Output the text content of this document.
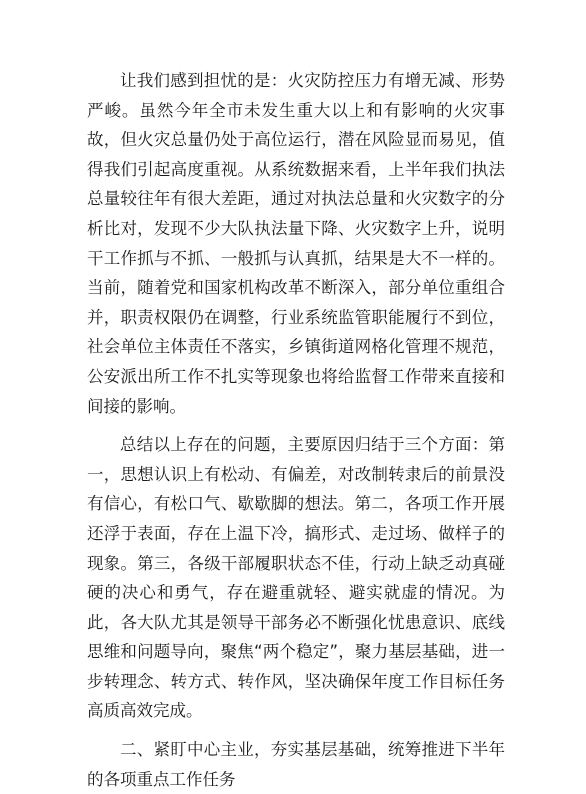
让我们感到担忧的是：火灾防控压力有增无减、形势严峻。虽然今年全市未发生重大以上和有影响的火灾事故，但火灾总量仍处于高位运行，潜在风险显而易见，值得我们引起高度重视。从系统数据来看，上半年我们执法总量较往年有很大差距，通过对执法总量和火灾数字的分析比对，发现不少大队执法量下降、火灾数字上升，说明干工作抓与不抓、一般抓与认真抓，结果是大不一样的。当前，随着党和国家机构改革不断深入，部分单位重组合并，职责权限仍在调整，行业系统监管职能履行不到位，社会单位主体责任不落实，乡镇街道网格化管理不规范，公安派出所工作不扎实等现象也将给监督工作带来直接和间接的影响。

总结以上存在的问题，主要原因归结于三个方面：第一，思想认识上有松动、有偏差，对改制转隶后的前景没有信心，有松口气、歇歇脚的想法。第二，各项工作开展还浮于表面，存在上温下冷，搞形式、走过场、做样子的现象。第三，各级干部履职状态不佳，行动上缺乏动真碰硬的决心和勇气，存在避重就轻、避实就虚的情况。为此，各大队尤其是领导干部务必不断强化忧患意识、底线思维和问题导向，聚焦“两个稳定”，聚力基层基础，进一步转理念、转方式、转作风，坚决确保年度工作目标任务高质高效完成。

二、紧盯中心主业，夯实基层基础，统筹推进下半年的各项重点工作任务
